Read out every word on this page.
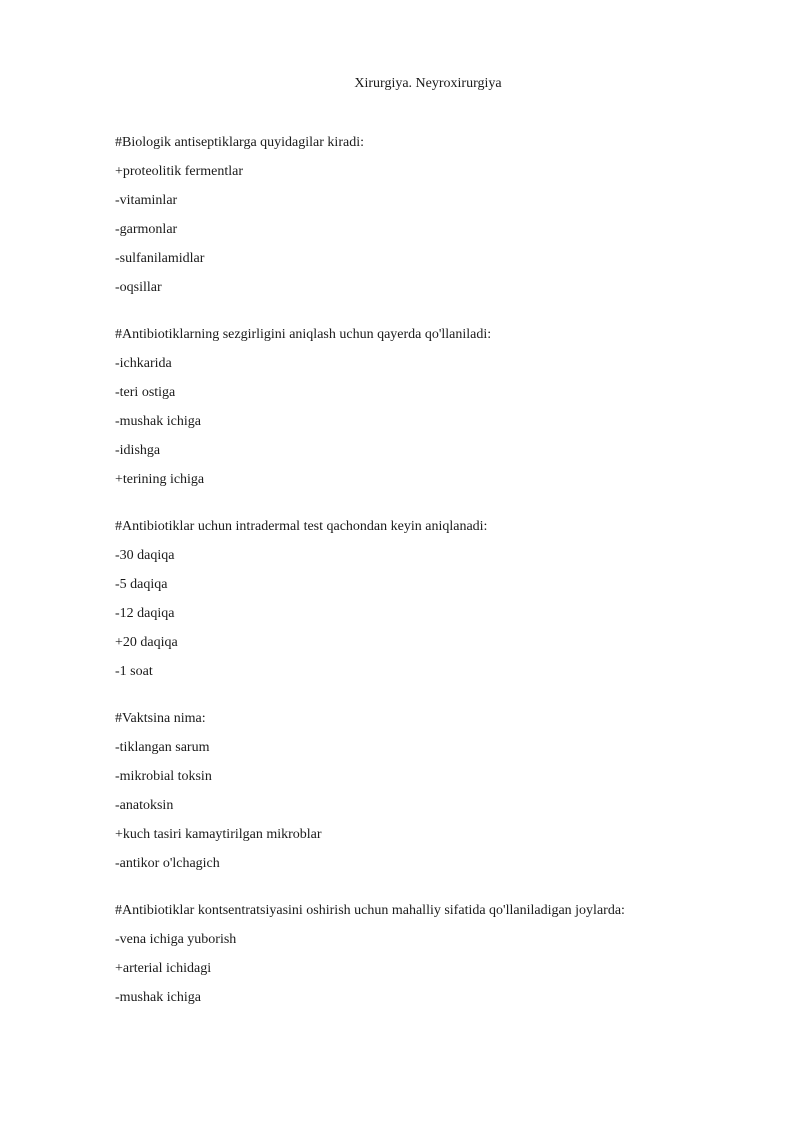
Xirurgiya. Neyroxirurgiya
#Biologik antiseptiklarga quyidagilar kiradi:
+proteolitik fermentlar
-vitaminlar
-garmonlar
-sulfanilamidlar
-oqsillar
#Antibiotiklarning sezgirligini aniqlash uchun qayerda qo'llaniladi:
-ichkarida
-teri ostiga
-mushak ichiga
-idishga
+terining ichiga
#Antibiotiklar uchun intradermal test qachondan keyin aniqlanadi:
-30 daqiqa
-5 daqiqa
-12 daqiqa
+20 daqiqa
-1 soat
#Vaktsina nima:
-tiklangan sarum
-mikrobial toksin
-anatoksin
+kuch tasiri kamaytirilgan mikroblar
-antikor o'lchagich
#Antibiotiklar kontsentratsiyasini oshirish uchun mahalliy sifatida qo'llaniladigan joylarda:
-vena ichiga yuborish
+arterial ichidagi
-mushak ichiga
